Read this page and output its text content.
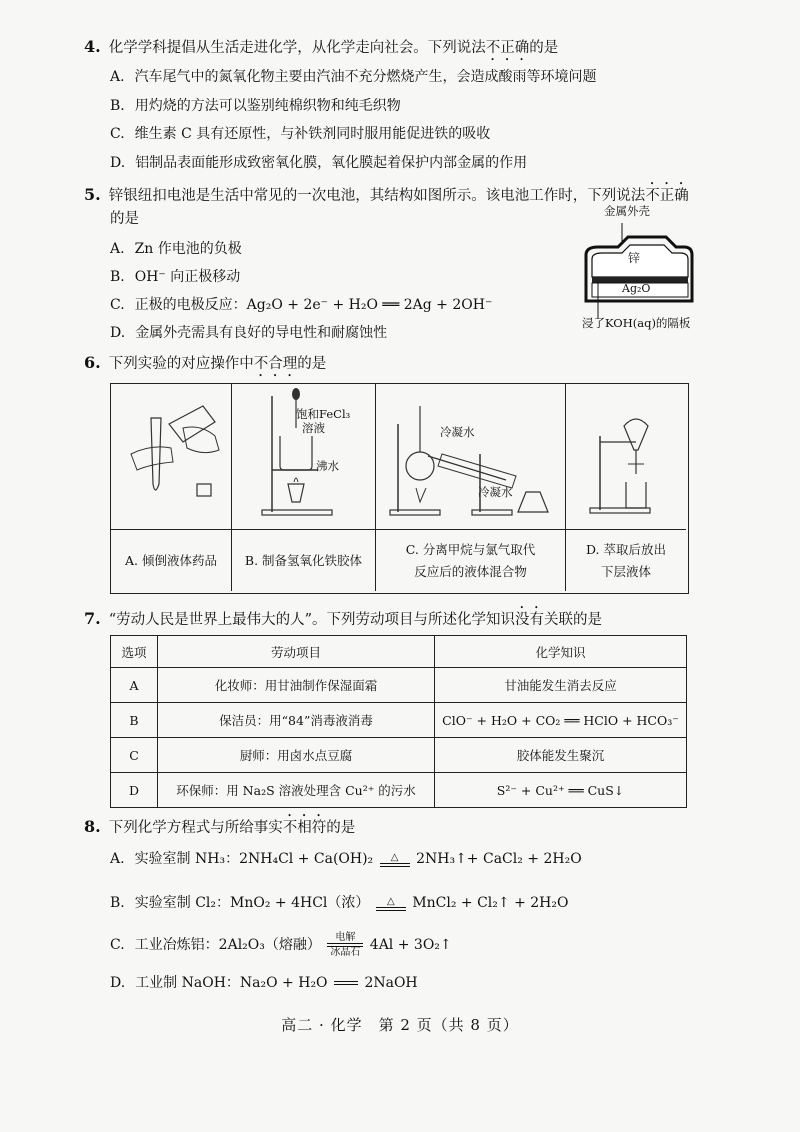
4. 化学学科提倡从生活走进化学，从化学走向社会。下列说法不正确的是
A. 汽车尾气中的氮氧化物主要由汽油不充分燃烧产生，会造成酸雨等环境问题
B. 用灼烧的方法可以鉴别纯棉织物和纯毛织物
C. 维生素 C 具有还原性，与补铁剂同时服用能促进铁的吸收
D. 铝制品表面能形成致密氧化膜，氧化膜起着保护内部金属的作用
5. 锌银纽扣电池是生活中常见的一次电池，其结构如图所示。该电池工作时，下列说法不正确
的是
A. Zn 作电池的负极
B. OH⁻ 向正极移动
C. 正极的电极反应：Ag₂O + 2e⁻ + H₂O ══ 2Ag + 2OH⁻
D. 金属外壳需具有良好的导电性和耐腐蚀性
金属外壳
锌
Ag₂O
浸了KOH(aq)的隔板
6. 下列实验的对应操作中不合理的是
饱和FeCl₃
溶液
沸水
冷凝水
冷凝水
A. 倾倒液体药品 B. 制备氢氧化铁胶体
C. 分离甲烷与氯气取代
反应后的液体混合物
D. 萃取后放出
下层液体
7. “劳动人民是世界上最伟大的人”。下列劳动项目与所述化学知识没有关联的是
选项	劳动项目	化学知识
A	化妆师：用甘油制作保湿面霜	甘油能发生消去反应
B	保洁员：用“84”消毒液消毒	ClO⁻ + H₂O + CO₂ ══ HClO + HCO₃⁻
C	厨师：用卤水点豆腐	胶体能发生聚沉
D	环保师：用 Na₂S 溶液处理含 Cu²⁺ 的污水	S²⁻ + Cu²⁺ ══ CuS↓
8. 下列化学方程式与所给事实不相符的是
A. 实验室制 NH₃：2NH₄Cl + Ca(OH)₂	△	2NH₃↑+ CaCl₂ + 2H₂O
B. 实验室制 Cl₂：MnO₂ + 4HCl（浓）	△	MnCl₂ + Cl₂↑ + 2H₂O
C. 工业冶炼铝：2Al₂O₃（熔融）	电解
冰晶石 4Al + 3O₂↑
D. 工业制 NaOH：Na₂O + H₂O	2NaOH
高二 · 化学　第 2 页（共 8 页）
